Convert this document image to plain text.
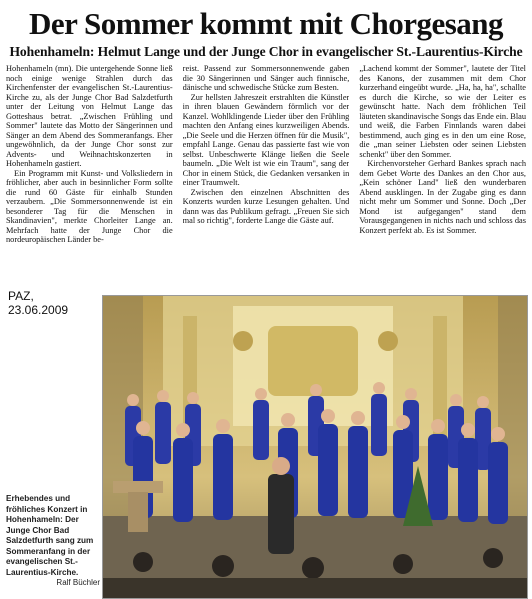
Der Sommer kommt mit Chorgesang
Hohenhameln: Helmut Lange und der Junge Chor in evangelischer St.-Laurentius-Kirche

Hohenhameln (mn). Die untergehende Sonne ließ noch einige wenige Strahlen durch das Kirchenfenster der evangelischen St.-Laurentius-Kirche zu, als der Junge Chor Bad Salzdetfurth unter der Leitung von Helmut Lange das Gotteshaus betrat. „Zwischen Frühling und Sommer" lautete das Motto der Sängerinnen und Sänger an dem Abend des Sommeranfangs. Eher ungewöhnlich, da der Junge Chor sonst zur Advents- und Weihnachtskonzerten in Hohenhameln gastiert.

Ein Programm mit Kunst- und Volksliedern in fröhlicher, aber auch in besinnlicher Form sollte die rund 60 Gäste für einhalb Stunden verzaubern. „Die Sommersonnenwende ist ein besonderer Tag für die Menschen in Skandinavien", merkte Chorleiter Lange an. Mehrfach hatte der Junge Chor die nordeuropäischen Länder be-

reist. Passend zur Sommersonnenwende gaben die 30 Sängerinnen und Sänger auch finnische, dänische und schwedische Stücke zum Besten.

Zur hellsten Jahreszeit erstrahlten die Künstler in ihren blauen Gewändern förmlich vor der Kanzel. Wohlklingende Lieder über den Frühling machten den Anfang eines kurzweiligen Abends. „Die Seele und die Herzen öffnen für die Musik", empfahl Lange. Genau das passierte fast wie von selbst. Unbeschwerte Klänge ließen die Seele baumeln. „Die Welt ist wie ein Traum", sang der Chor in einem Stück, die Gedanken versanken in einer Traumwelt.

Zwischen den einzelnen Abschnitten des Konzerts wurden kurze Lesungen gehalten. Und dann was das Publikum gefragt. „Freuen Sie sich mal so richtig", forderte Lange die Gäste auf.

„Lachend kommt der Sommer", lautete der Titel des Kanons, der zusammen mit dem Chor kurzerhand eingeübt wurde. „Ha, ha, ha", schallte es durch die Kirche, so wie der Leiter es gewünscht hatte. Nach dem fröhlichen Teil läuteten skandinavische Songs das Ende ein. Blau und weiß, die Farben Finnlands waren dabei bestimmend, auch ging es in den um eine Rose, die „man seiner Liebsten oder seinen Liebsten schenkt" über den Sommer.

Kirchenvorsteher Gerhard Bankes sprach nach dem Gebet Worte des Dankes an den Chor aus, „Kein schöner Land" ließ den wunderbaren Abend ausklingen. In der Zugabe ging es dann nicht mehr um Sommer und Sonne. Doch „Der Mond ist aufgegangen" stand dem Vorausgegangenen in nichts nach und schloss das Konzert perfekt ab. Es ist Sommer.

PAZ,
23.06.2009
Erhebendes und fröhliches Konzert in Hohenhameln: Der Junge Chor Bad Salzdetfurth sang zum Sommeranfang in der evangelischen St.-Laurentius-Kirche.
Ralf Büchler
